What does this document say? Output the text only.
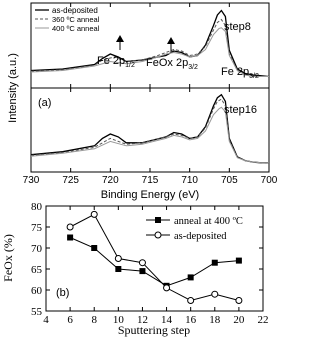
as-deposited
360 ºC anneal
400 ºC anneal	step8
Fe $2p_{1/2}$ FeOx $2p_{3/2}$ Fe $2p_{3/2}$
730 725 720 715 710 705 700
(a)
step16
Intensity (a.u.)
Binding Energy (eV)
4 6 8 10 12 14 16 18 20 22
55
60
65
70
75
80
anneal at 400 ºC
as-deposited
(b)
FeOx (%)
Sputtering step
